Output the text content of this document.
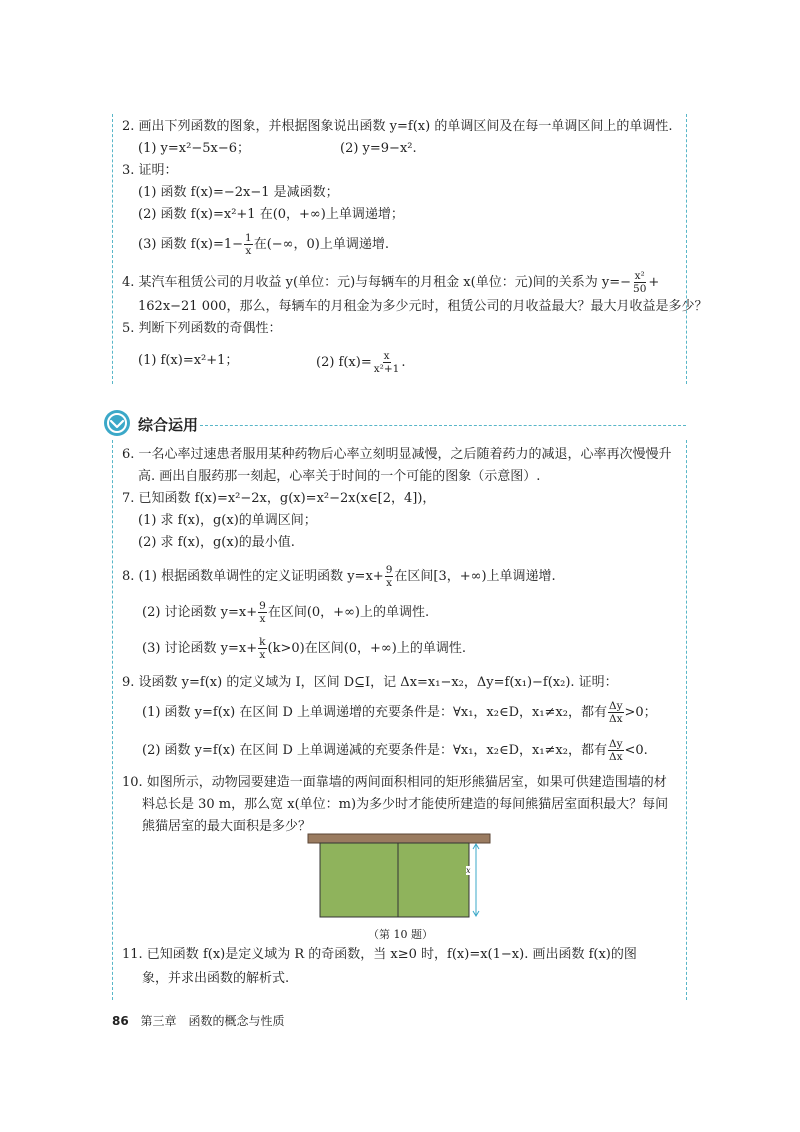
2. 画出下列函数的图象，并根据图象说出函数 y=f(x) 的单调区间及在每一单调区间上的单调性.
(1) y=x²−5x−6；	(2) y=9−x².
3. 证明：
(1) 函数 f(x)=−2x−1 是减函数；
(2) 函数 f(x)=x²+1 在(0，+∞)上单调递增；
(3) 函数 $f(x)=1- \frac{1}{x}$ 在(−∞，0)上单调递增.
4. 某汽车租赁公司的月收益 y(单位：元)与每辆车的月租金 x(单位：元)间的关系为 $y=- \frac{\text{x²}}{50}$ +
162x−21 000，那么，每辆车的月租金为多少元时，租赁公司的月收益最大？最大月收益是多少？
5. 判断下列函数的奇偶性：
(1) f(x)=x²+1；	(2) $f(x)= \frac{x}{\text{x²+1}}$ .
综合运用
6. 一名心率过速患者服用某种药物后心率立刻明显减慢，之后随着药力的减退，心率再次慢慢升
高. 画出自服药那一刻起，心率关于时间的一个可能的图象（示意图）.
7. 已知函数 f(x)=x²−2x，g(x)=x²−2x(x∈[2，4])，
(1) 求 f(x)，g(x)的单调区间；
(2) 求 f(x)，g(x)的最小值.
8. (1) 根据函数单调性的定义证明函数 $y=x+ \frac{9}{x}$ 在区间[3，+∞)上单调递增.
(2) 讨论函数 $y=x+ \frac{9}{x}$ 在区间(0，+∞)上的单调性.
(3) 讨论函数 $y=x+ \frac{k}{x} (k>0)$在区间(0，+∞)上的单调性.
9. 设函数 y=f(x) 的定义域为 I，区间 D⊆I，记 Δx=x₁−x₂，Δy=f(x₁)−f(x₂). 证明：
(1) 函数 y=f(x) 在区间 D 上单调递增的充要条件是：∀x₁，x₂∈D，x₁≠x₂，都有 $\frac{\Delta y}{\Delta x} >0$；
(2) 函数 y=f(x) 在区间 D 上单调递减的充要条件是：∀x₁，x₂∈D，x₁≠x₂，都有 $\frac{\Delta y}{\Delta x} <0$.
10. 如图所示，动物园要建造一面靠墙的两间面积相同的矩形熊猫居室，如果可供建造围墙的材
料总长是 30 m，那么宽 x(单位：m)为多少时才能使所建造的每间熊猫居室面积最大？每间
熊猫居室的最大面积是多少？
x
（第 10 题）
11. 已知函数 f(x)是定义域为 R 的奇函数，当 x≥0 时，f(x)=x(1−x). 画出函数 f(x)的图
象，并求出函数的解析式.
86 第三章　函数的概念与性质
